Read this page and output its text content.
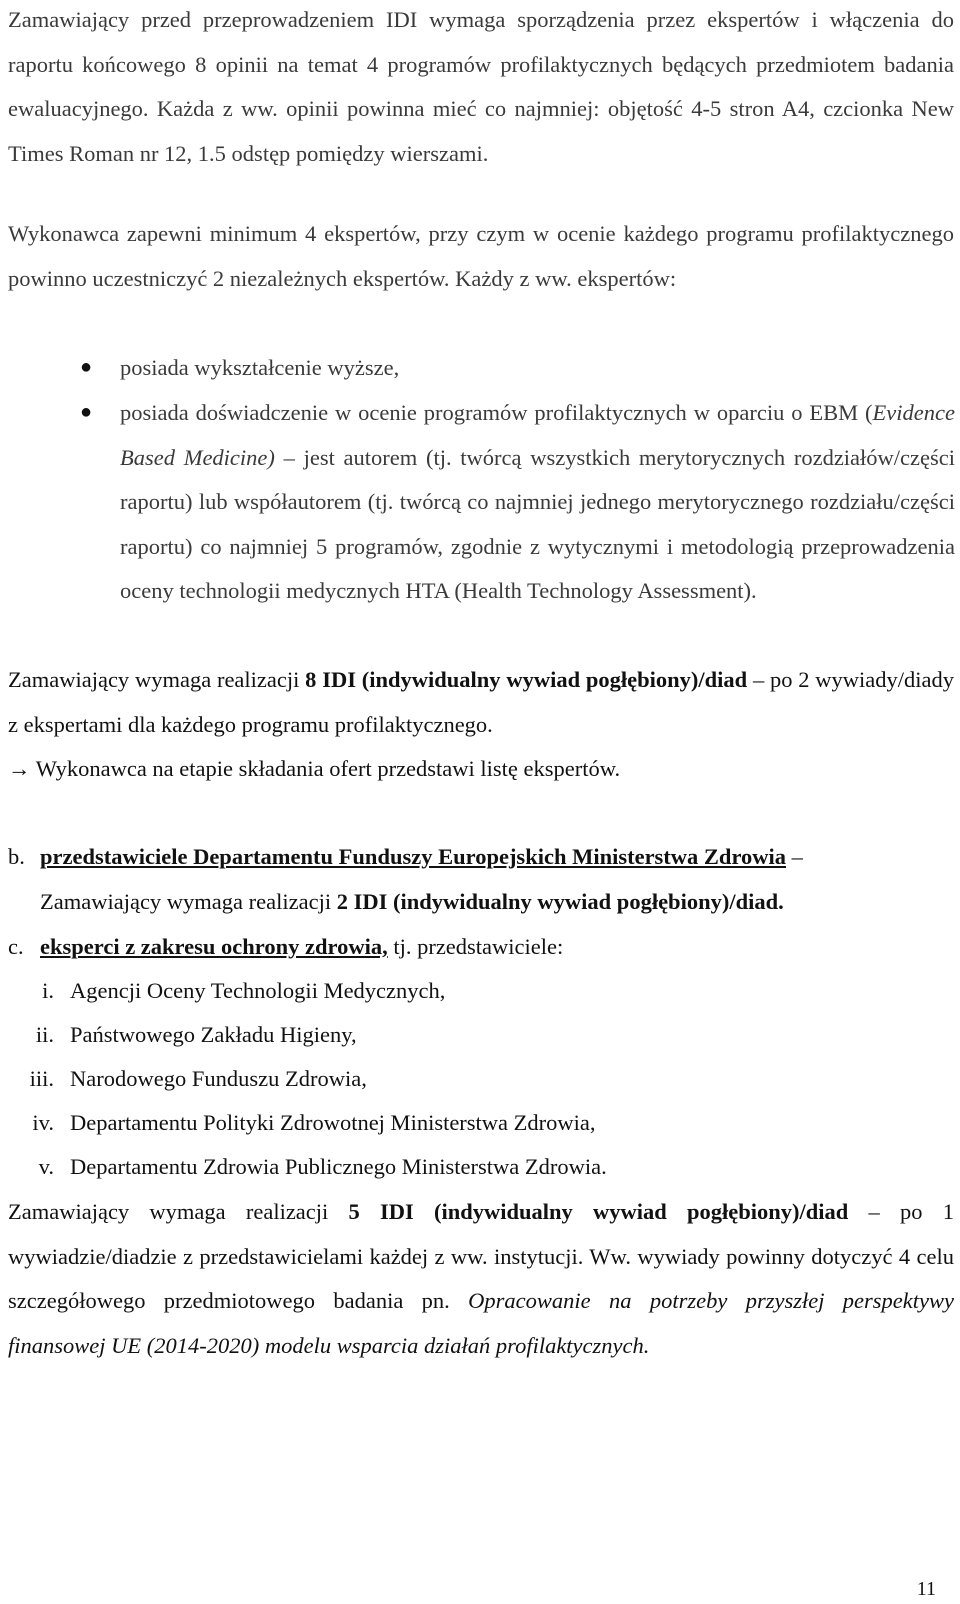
Zamawiający przed przeprowadzeniem IDI wymaga sporządzenia przez ekspertów i włączenia do raportu końcowego 8 opinii na temat 4 programów profilaktycznych będących przedmiotem badania ewaluacyjnego. Każda z ww. opinii powinna mieć co najmniej: objętość 4-5 stron A4, czcionka New Times Roman nr 12, 1.5 odstęp pomiędzy wierszami.
Wykonawca zapewni minimum 4 ekspertów, przy czym w ocenie każdego programu profilaktycznego powinno uczestniczyć 2 niezależnych ekspertów. Każdy z ww. ekspertów:
● posiada wykształcenie wyższe,
● posiada doświadczenie w ocenie programów profilaktycznych w oparciu o EBM (Evidence Based Medicine) – jest autorem (tj. twórcą wszystkich merytorycznych rozdziałów/części raportu) lub współautorem (tj. twórcą co najmniej jednego merytorycznego rozdziału/części raportu) co najmniej 5 programów, zgodnie z wytycznymi i metodologią przeprowadzenia oceny technologii medycznych HTA (Health Technology Assessment).
Zamawiający wymaga realizacji 8 IDI (indywidualny wywiad pogłębiony)/diad – po 2 wywiady/diady z ekspertami dla każdego programu profilaktycznego.
→ Wykonawca na etapie składania ofert przedstawi listę ekspertów.
b. przedstawiciele Departamentu Funduszy Europejskich Ministerstwa Zdrowia –
Zamawiający wymaga realizacji 2 IDI (indywidualny wywiad pogłębiony)/diad.
c. eksperci z zakresu ochrony zdrowia, tj. przedstawiciele:
i. Agencji Oceny Technologii Medycznych,
ii. Państwowego Zakładu Higieny,
iii. Narodowego Funduszu Zdrowia,
iv. Departamentu Polityki Zdrowotnej Ministerstwa Zdrowia,
v. Departamentu Zdrowia Publicznego Ministerstwa Zdrowia.
Zamawiający wymaga realizacji 5 IDI (indywidualny wywiad pogłębiony)/diad – po 1 wywiadzie/diadzie z przedstawicielami każdej z ww. instytucji. Ww. wywiady powinny dotyczyć 4 celu szczegółowego przedmiotowego badania pn. Opracowanie na potrzeby przyszłej perspektywy finansowej UE (2014-2020) modelu wsparcia działań profilaktycznych.
11
